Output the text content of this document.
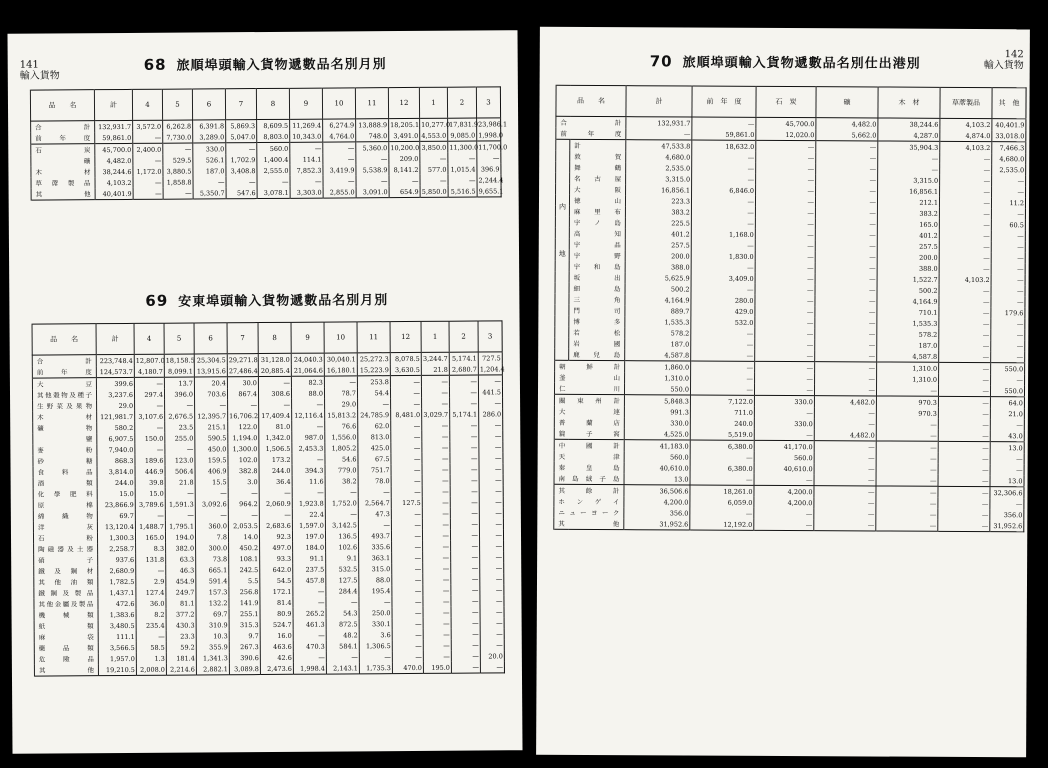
141
輸入貨物
68 旅順埠頭輸入貨物遞數品名別月別
品　　名	計	4	5	6	7	8	9	10	11	12	1	2	3
合　　計	132,931.7	3,572.0	6,262.8	6,391.8	5,869.3	8,609.5	11,269.4	6,274.9	13,888.9	18,205.1	10,277.0	17,831.9	23,986.1
前　年　度	59,861.0	—	7,730.0	3,289.0	5,047.0	8,803.0	10,343.0	4,764.0	748.0	3,491.0	4,553.0	9,085.0	1,998.0
石　　炭	45,700.0	2,400.0	—	330.0	—	560.0	—	—	5,360.0	10,200.0	3,850.0	11,300.0	11,700.0
　　　　礦	4,482.0	—	529.5	526.1	1,702.9	1,400.4	114.1	—	—	209.0	—	—	—
木　　材	38,244.6	1,172.0	3,880.5	187.0	3,408.8	2,555.0	7,852.3	3,419.9	5,538.9	8,141.2	577.0	1,015.4	396.9
草　蓆　製　品	4,103.2	—	1,858.8	—	—	—	—	—	—	—	—	—	2,244.4
其　　他	40,401.9	—	—	5,350.7	547.6	3,078.1	3,303.0	2,855.0	3,091.0	654.9	5,850.0	5,516.5	9,655.1
69 安東埠頭輸入貨物遞數品名別月別
品　　名	計	4	5	6	7	8	9	10	11	12	1	2	3
合　　計	223,748.4	12,807.0	18,158.5	25,304.5	29,271.8	31,128.0	24,040.3	30,040.1	25,272.3	8,078.5	3,244.7	5,174.1	727.5
前　年　度	124,573.7	4,180.7	8,099.1	13,915.6	27,486.4	20,885.4	21,064.6	16,180.1	15,223.9	3,630.5	21.8	2,680.7	1,204.4
大　　豆	399.6	—	13.7	20.4	30.0	—	82.3	—	253.8	—	—	—	—
其他穀物及種子	3,237.6	297.4	396.0	703.6	867.4	308.6	88.0	78.7	54.4	—	—	—	441.5
生野菜及果物	29.0	—	—	—	—	—	—	29.0	—	—	—	—	—
木　　材	121,981.7	3,107.6	2,676.5	12,395.7	16,706.2	17,409.4	12,116.4	15,813.2	24,785.9	8,481.0	3,029.7	5,174.1	286.0
礦　　物	580.2	—	23.5	215.1	122.0	81.0	—	76.6	62.0	—	—	—	—
　　　　鹽	6,907.5	150.0	255.0	590.5	1,194.0	1,342.0	987.0	1,556.0	813.0	—	—	—	—
麥　　粉	7,940.0	—	—	450.0	1,300.0	1,506.5	2,453.3	1,805.2	425.0	—	—	—	—
砂　　糖	868.3	189.6	123.0	159.5	102.0	173.2	—	54.6	67.5	—	—	—	—
食　料　品	3,814.0	446.9	506.4	406.9	382.8	244.0	394.3	779.0	751.7	—	—	—	—
酒　　類	244.0	39.8	21.8	15.5	3.0	36.4	11.6	38.2	78.0	—	—	—	—
化　學　肥　料	15.0	15.0	—	—	—	—	—	—	—	—	—	—	—
原　　棉	23,866.9	3,789.6	1,591.3	3,092.6	964.2	2,060.9	1,923.8	1,752.0	2,564.7	127.5	—	—	—
綿　織　物	69.7	—	—	—	—	—	22.4	—	47.3	—	—	—	—
洋　　灰	13,120.4	1,488.7	1,795.1	360.0	2,053.5	2,683.6	1,597.0	3,142.5	—	—	—	—	—
石　　粉	1,300.3	165.0	194.0	7.8	14.0	92.3	197.0	136.5	493.7	—	—	—	—
陶磁器及土器	2,258.7	8.3	382.0	300.0	450.2	497.0	184.0	102.6	335.6	—	—	—	—
硝　　子	937.6	131.8	63.3	73.8	108.1	93.3	91.1	9.1	363.1	—	—	—	—
鐵及鋼材	2,680.9	—	46.3	665.1	242.5	642.0	237.5	532.5	315.0	—	—	—	—
其他油類	1,782.5	2.9	454.9	591.4	5.5	54.5	457.8	127.5	88.0	—	—	—	—
鐵鋼及製品	1,437.1	127.4	249.7	157.3	256.8	172.1	—	284.4	195.4	—	—	—	—
其他金屬及製品	472.6	36.0	81.1	132.2	141.9	81.4	—	—	—	—	—	—	—
機　械　類	1,383.6	8.2	377.2	69.7	255.1	80.9	265.2	54.3	250.0	—	—	—	—
紙　　類	3,480.5	235.4	430.3	310.9	315.3	524.7	461.3	872.5	330.1	—	—	—	—
麻　　袋	111.1	—	23.3	10.3	9.7	16.0	—	48.2	3.6	—	—	—	—
藥　品　類	3,566.5	58.5	59.2	355.9	267.3	463.6	470.3	584.1	1,306.5	—	—	—	—
危　險　品	1,957.0	1.3	181.4	1,341.3	390.6	42.6	—	—	—	—	—	—	20.0
其　　他	19,210.5	2,008.0	2,214.6	2,882.1	3,089.8	2,473.6	1,998.4	2,143.1	1,735.3	470.0	195.0	—	—
70 旅順埠頭輸入貨物遞數品名別仕出港別
142
輸入貨物
品　　名		計	前　年　度	石　炭	礦	木　材	草蓆製品	其　他
合　　計		132,931.7	—	45,700.0	4,482.0	38,244.6	4,103.2	40,401.9
前　年　度		—	59,861.0	12,020.0	5,662.0	4,287.0	4,874.0	33,018.0
内地	計	47,533.8	18,632.0	—	—	35,904.3	4,103.2	7,466.3
	敦　賀	4,680.0	—	—	—	—	—	4,680.0
	舞　鶴	2,535.0	—	—	—	—	—	2,535.0
	名古屋	3,315.0	—	—	—	3,315.0	—	—
	大　阪	16,856.1	6,846.0	—	—	16,856.1	—	—
	徳　山	223.3	—	—	—	212.1	—	11.2
	麻里布	383.2	—	—	—	383.2	—	—
	宇ノ島	225.5	—	—	—	165.0	—	60.5
	高　知	401.2	1,168.0	—	—	401.2	—	—
	宇　品	257.5	—	—	—	257.5	—	—
	宇　野	200.0	1,830.0	—	—	200.0	—	—
	宇和島	388.0	—	—	—	388.0	—	—
	坂　出	5,625.9	3,409.0	—	—	1,522.7	4,103.2	—
	細　島	500.2	—	—	—	500.2	—	—
	三　角	4,164.9	280.0	—	—	4,164.9	—	—
	門　司	889.7	429.0	—	—	710.1	—	179.6
	博　多	1,535.3	532.0	—	—	1,535.3	—	—
	若　松	578.2	—	—	—	578.2	—	—
	岩　國	187.0	—	—	—	187.0	—	—
	鹿兒島	4,587.8	—	—	—	4,587.8	—	—
朝　鮮　計		1,860.0	—	—	—	1,310.0	—	550.0
釜　山		1,310.0	—	—	—	1,310.0	—	—
仁　川		550.0	—	—	—	—	—	550.0
關東州計		5,848.3	7,122.0	330.0	4,482.0	970.3	—	64.0
大　連		991.3	711.0	—	—	970.3	—	21.0
普蘭店		330.0	240.0	330.0	—	—	—	—
貔　子　窩		4,525.0	5,519.0	—	4,482.0	—	—	43.0
中　國　計		41,183.0	6,380.0	41,170.0	—	—	—	13.0
天　津		560.0	—	560.0	—	—	—	—
秦皇島		40,610.0	6,380.0	40,610.0	—	—	—	—
南島絨子島		13.0	—	—	—	—	—	13.0
其　餘　計		36,506.6	18,261.0	4,200.0	—	—	—	32,306.6
ホ　ン　ゲ　イ		4,200.0	6,059.0	4,200.0	—	—	—	—
ニューヨーク		356.0	—	—	—	—	—	356.0
其　　他		31,952.6	12,192.0	—	—	—	—	31,952.6
